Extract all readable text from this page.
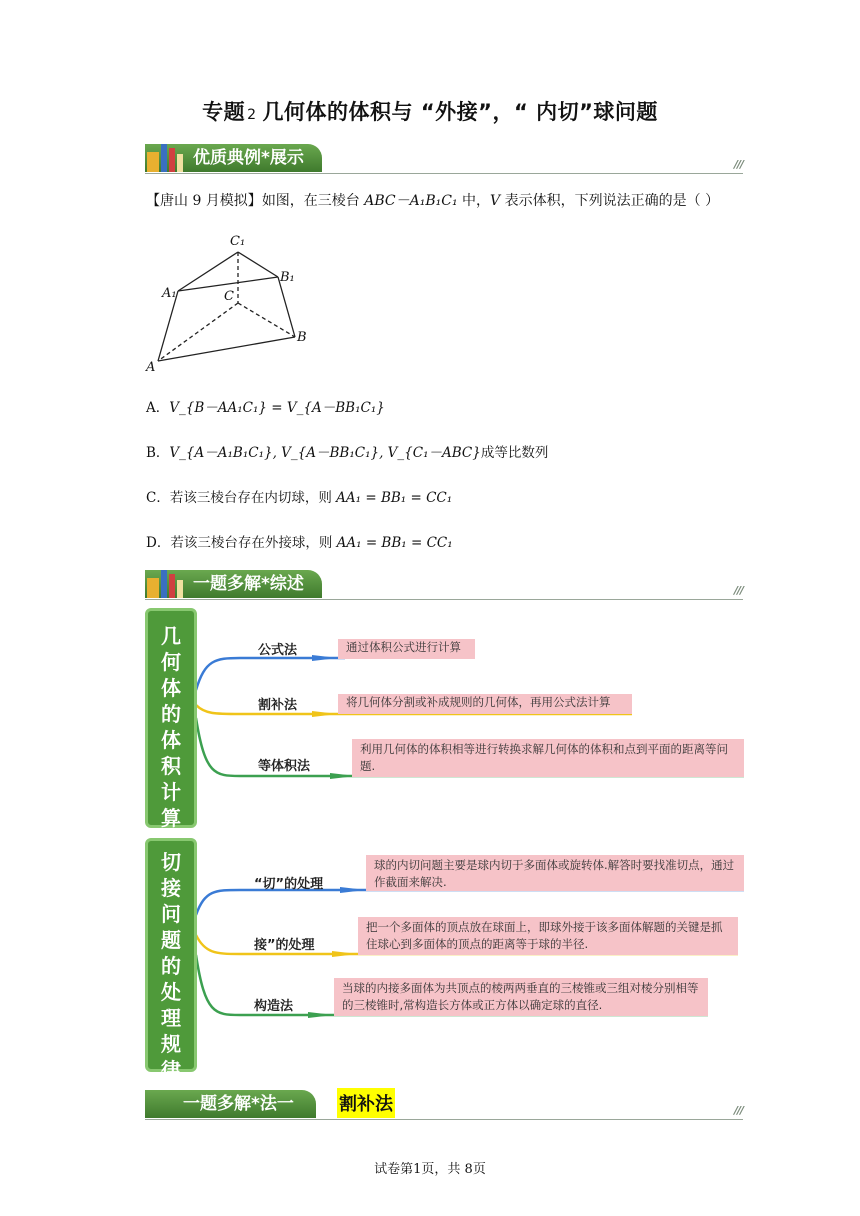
专题 2 几何体的体积与 “外接”，“ 内切”球问题
优质典例*展示	///
【唐山 9 月模拟】如图，在三棱台 ABC－A₁B₁C₁ 中，V 表示体积，下列说法正确的是（ ）
C₁
B₁
A₁	C
B
A
A．V_{B－AA₁C₁} = V_{A－BB₁C₁}
B．V_{A－A₁B₁C₁}, V_{A－BB₁C₁}, V_{C₁－ABC}成等比数列
C．若该三棱台存在内切球，则 AA₁ = BB₁ = CC₁
D．若该三棱台存在外接球，则 AA₁ = BB₁ = CC₁
一题多解*综述	///
几何体的体积计算
公式法	通过体积公式进行计算
割补法	将几何体分割或补成规则的几何体，再用公式法计算
等体积法
利用几何体的体积相等进行转换求解几何体的体积和点到平面的距离等问题.
切接问题的处理规律
“切”的处理
球的内切问题主要是球内切于多面体或旋转体.解答时要找准切点，通过作截面来解决.
接”的处理
把一个多面体的顶点放在球面上，即球外接于该多面体解题的关键是抓住球心到多面体的顶点的距离等于球的半径.
构造法
当球的内接多面体为共顶点的棱两两垂直的三棱锥或三组对棱分别相等的三棱锥时,常构造长方体或正方体以确定球的直径.
一题多解*法一	割补法	///
试卷第1页，共 8页
